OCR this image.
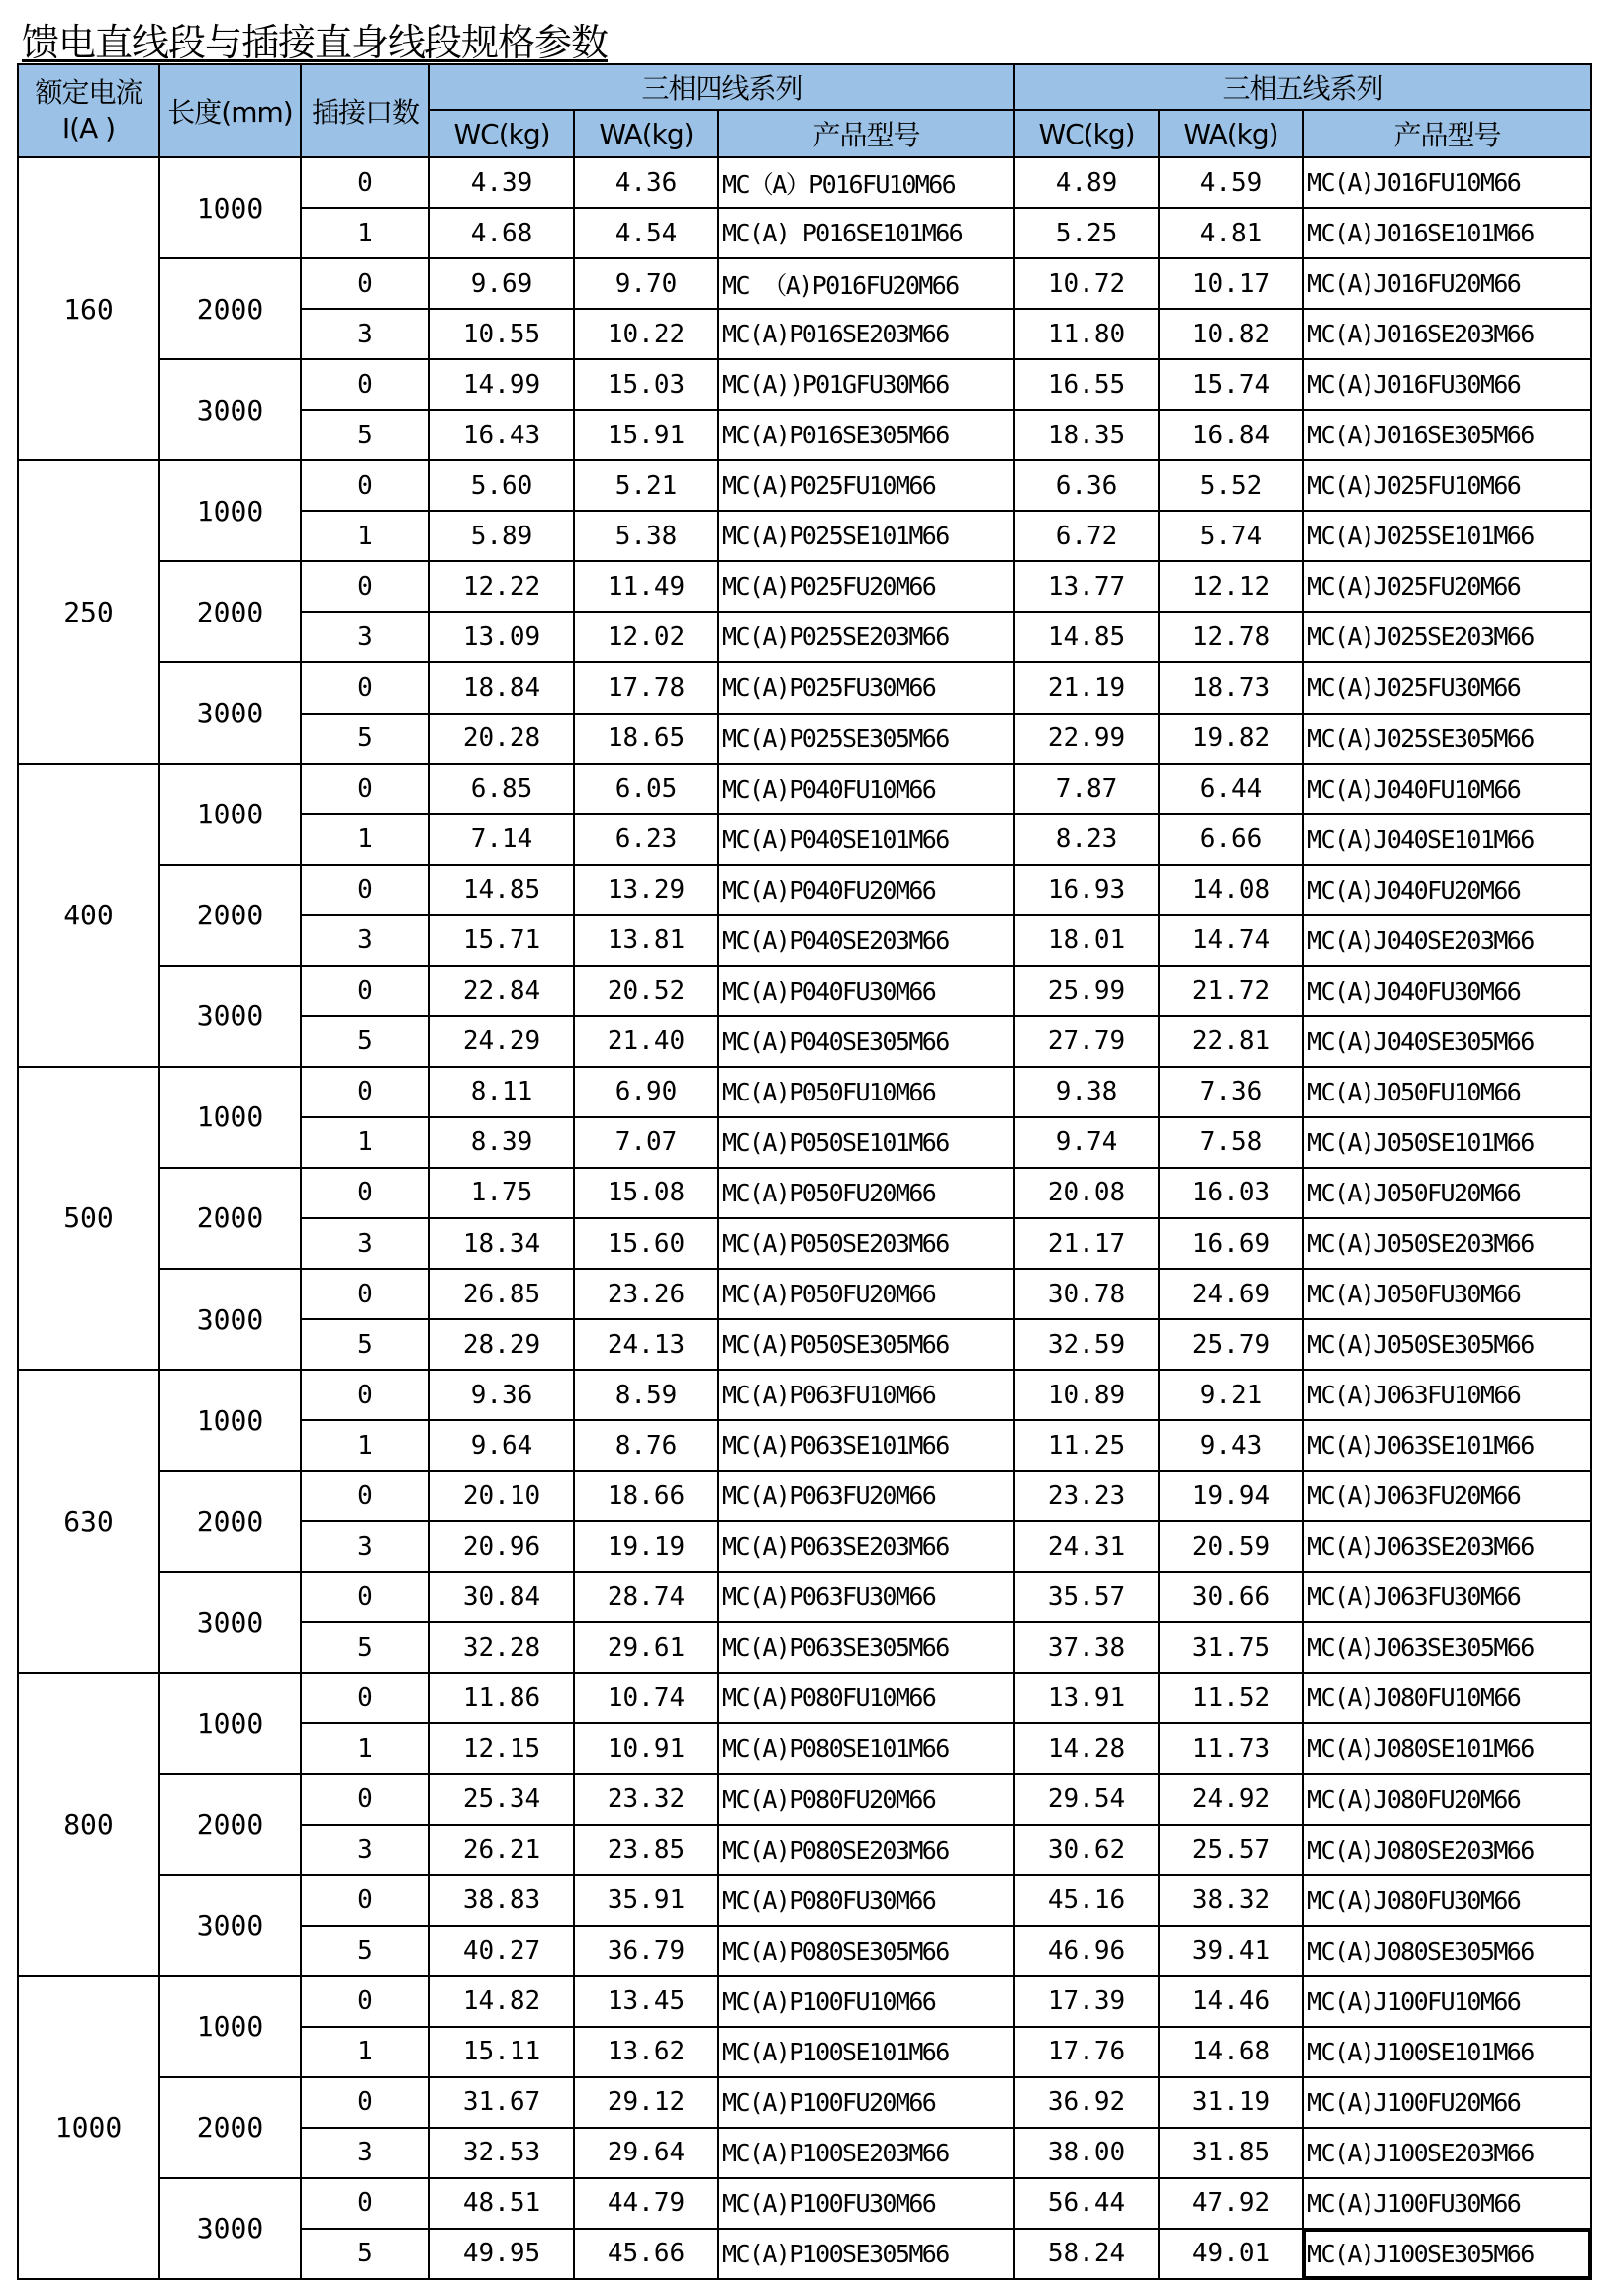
馈电直线段与插接直身线段规格参数
额定电流
I(A )	长度(mm)	插接口数	三相四线系列			三相五线系列		
			WC(kg)	WA(kg)	产品型号	WC(kg)	WA(kg)	产品型号
160	1000	0	4.39	4.36	MC（A）P016FU10M66	4.89	4.59	MC(A)J016FU10M66
		1	4.68	4.54	MC(A) P016SE101M66	5.25	4.81	MC(A)J016SE101M66
	2000	0	9.69	9.70	MC （A)P016FU20M66	10.72	10.17	MC(A)J016FU20M66
		3	10.55	10.22	MC(A)P016SE203M66	11.80	10.82	MC(A)J016SE203M66
	3000	0	14.99	15.03	MC(A))P01GFU30M66	16.55	15.74	MC(A)J016FU30M66
		5	16.43	15.91	MC(A)P016SE305M66	18.35	16.84	MC(A)J016SE305M66
250	1000	0	5.60	5.21	MC(A)P025FU10M66	6.36	5.52	MC(A)J025FU10M66
		1	5.89	5.38	MC(A)P025SE101M66	6.72	5.74	MC(A)J025SE101M66
	2000	0	12.22	11.49	MC(A)P025FU20M66	13.77	12.12	MC(A)J025FU20M66
		3	13.09	12.02	MC(A)P025SE203M66	14.85	12.78	MC(A)J025SE203M66
	3000	0	18.84	17.78	MC(A)P025FU30M66	21.19	18.73	MC(A)J025FU30M66
		5	20.28	18.65	MC(A)P025SE305M66	22.99	19.82	MC(A)J025SE305M66
400	1000	0	6.85	6.05	MC(A)P040FU10M66	7.87	6.44	MC(A)J040FU10M66
		1	7.14	6.23	MC(A)P040SE101M66	8.23	6.66	MC(A)J040SE101M66
	2000	0	14.85	13.29	MC(A)P040FU20M66	16.93	14.08	MC(A)J040FU20M66
		3	15.71	13.81	MC(A)P040SE203M66	18.01	14.74	MC(A)J040SE203M66
	3000	0	22.84	20.52	MC(A)P040FU30M66	25.99	21.72	MC(A)J040FU30M66
		5	24.29	21.40	MC(A)P040SE305M66	27.79	22.81	MC(A)J040SE305M66
500	1000	0	8.11	6.90	MC(A)P050FU10M66	9.38	7.36	MC(A)J050FU10M66
		1	8.39	7.07	MC(A)P050SE101M66	9.74	7.58	MC(A)J050SE101M66
	2000	0	1.75	15.08	MC(A)P050FU20M66	20.08	16.03	MC(A)J050FU20M66
		3	18.34	15.60	MC(A)P050SE203M66	21.17	16.69	MC(A)J050SE203M66
	3000	0	26.85	23.26	MC(A)P050FU20M66	30.78	24.69	MC(A)J050FU30M66
		5	28.29	24.13	MC(A)P050SE305M66	32.59	25.79	MC(A)J050SE305M66
630	1000	0	9.36	8.59	MC(A)P063FU10M66	10.89	9.21	MC(A)J063FU10M66
		1	9.64	8.76	MC(A)P063SE101M66	11.25	9.43	MC(A)J063SE101M66
	2000	0	20.10	18.66	MC(A)P063FU20M66	23.23	19.94	MC(A)J063FU20M66
		3	20.96	19.19	MC(A)P063SE203M66	24.31	20.59	MC(A)J063SE203M66
	3000	0	30.84	28.74	MC(A)P063FU30M66	35.57	30.66	MC(A)J063FU30M66
		5	32.28	29.61	MC(A)P063SE305M66	37.38	31.75	MC(A)J063SE305M66
800	1000	0	11.86	10.74	MC(A)P080FU10M66	13.91	11.52	MC(A)J080FU10M66
		1	12.15	10.91	MC(A)P080SE101M66	14.28	11.73	MC(A)J080SE101M66
	2000	0	25.34	23.32	MC(A)P080FU20M66	29.54	24.92	MC(A)J080FU20M66
		3	26.21	23.85	MC(A)P080SE203M66	30.62	25.57	MC(A)J080SE203M66
	3000	0	38.83	35.91	MC(A)P080FU30M66	45.16	38.32	MC(A)J080FU30M66
		5	40.27	36.79	MC(A)P080SE305M66	46.96	39.41	MC(A)J080SE305M66
1000	1000	0	14.82	13.45	MC(A)P100FU10M66	17.39	14.46	MC(A)J100FU10M66
		1	15.11	13.62	MC(A)P100SE101M66	17.76	14.68	MC(A)J100SE101M66
	2000	0	31.67	29.12	MC(A)P100FU20M66	36.92	31.19	MC(A)J100FU20M66
		3	32.53	29.64	MC(A)P100SE203M66	38.00	31.85	MC(A)J100SE203M66
	3000	0	48.51	44.79	MC(A)P100FU30M66	56.44	47.92	MC(A)J100FU30M66
		5	49.95	45.66	MC(A)P100SE305M66	58.24	49.01	MC(A)J100SE305M66
